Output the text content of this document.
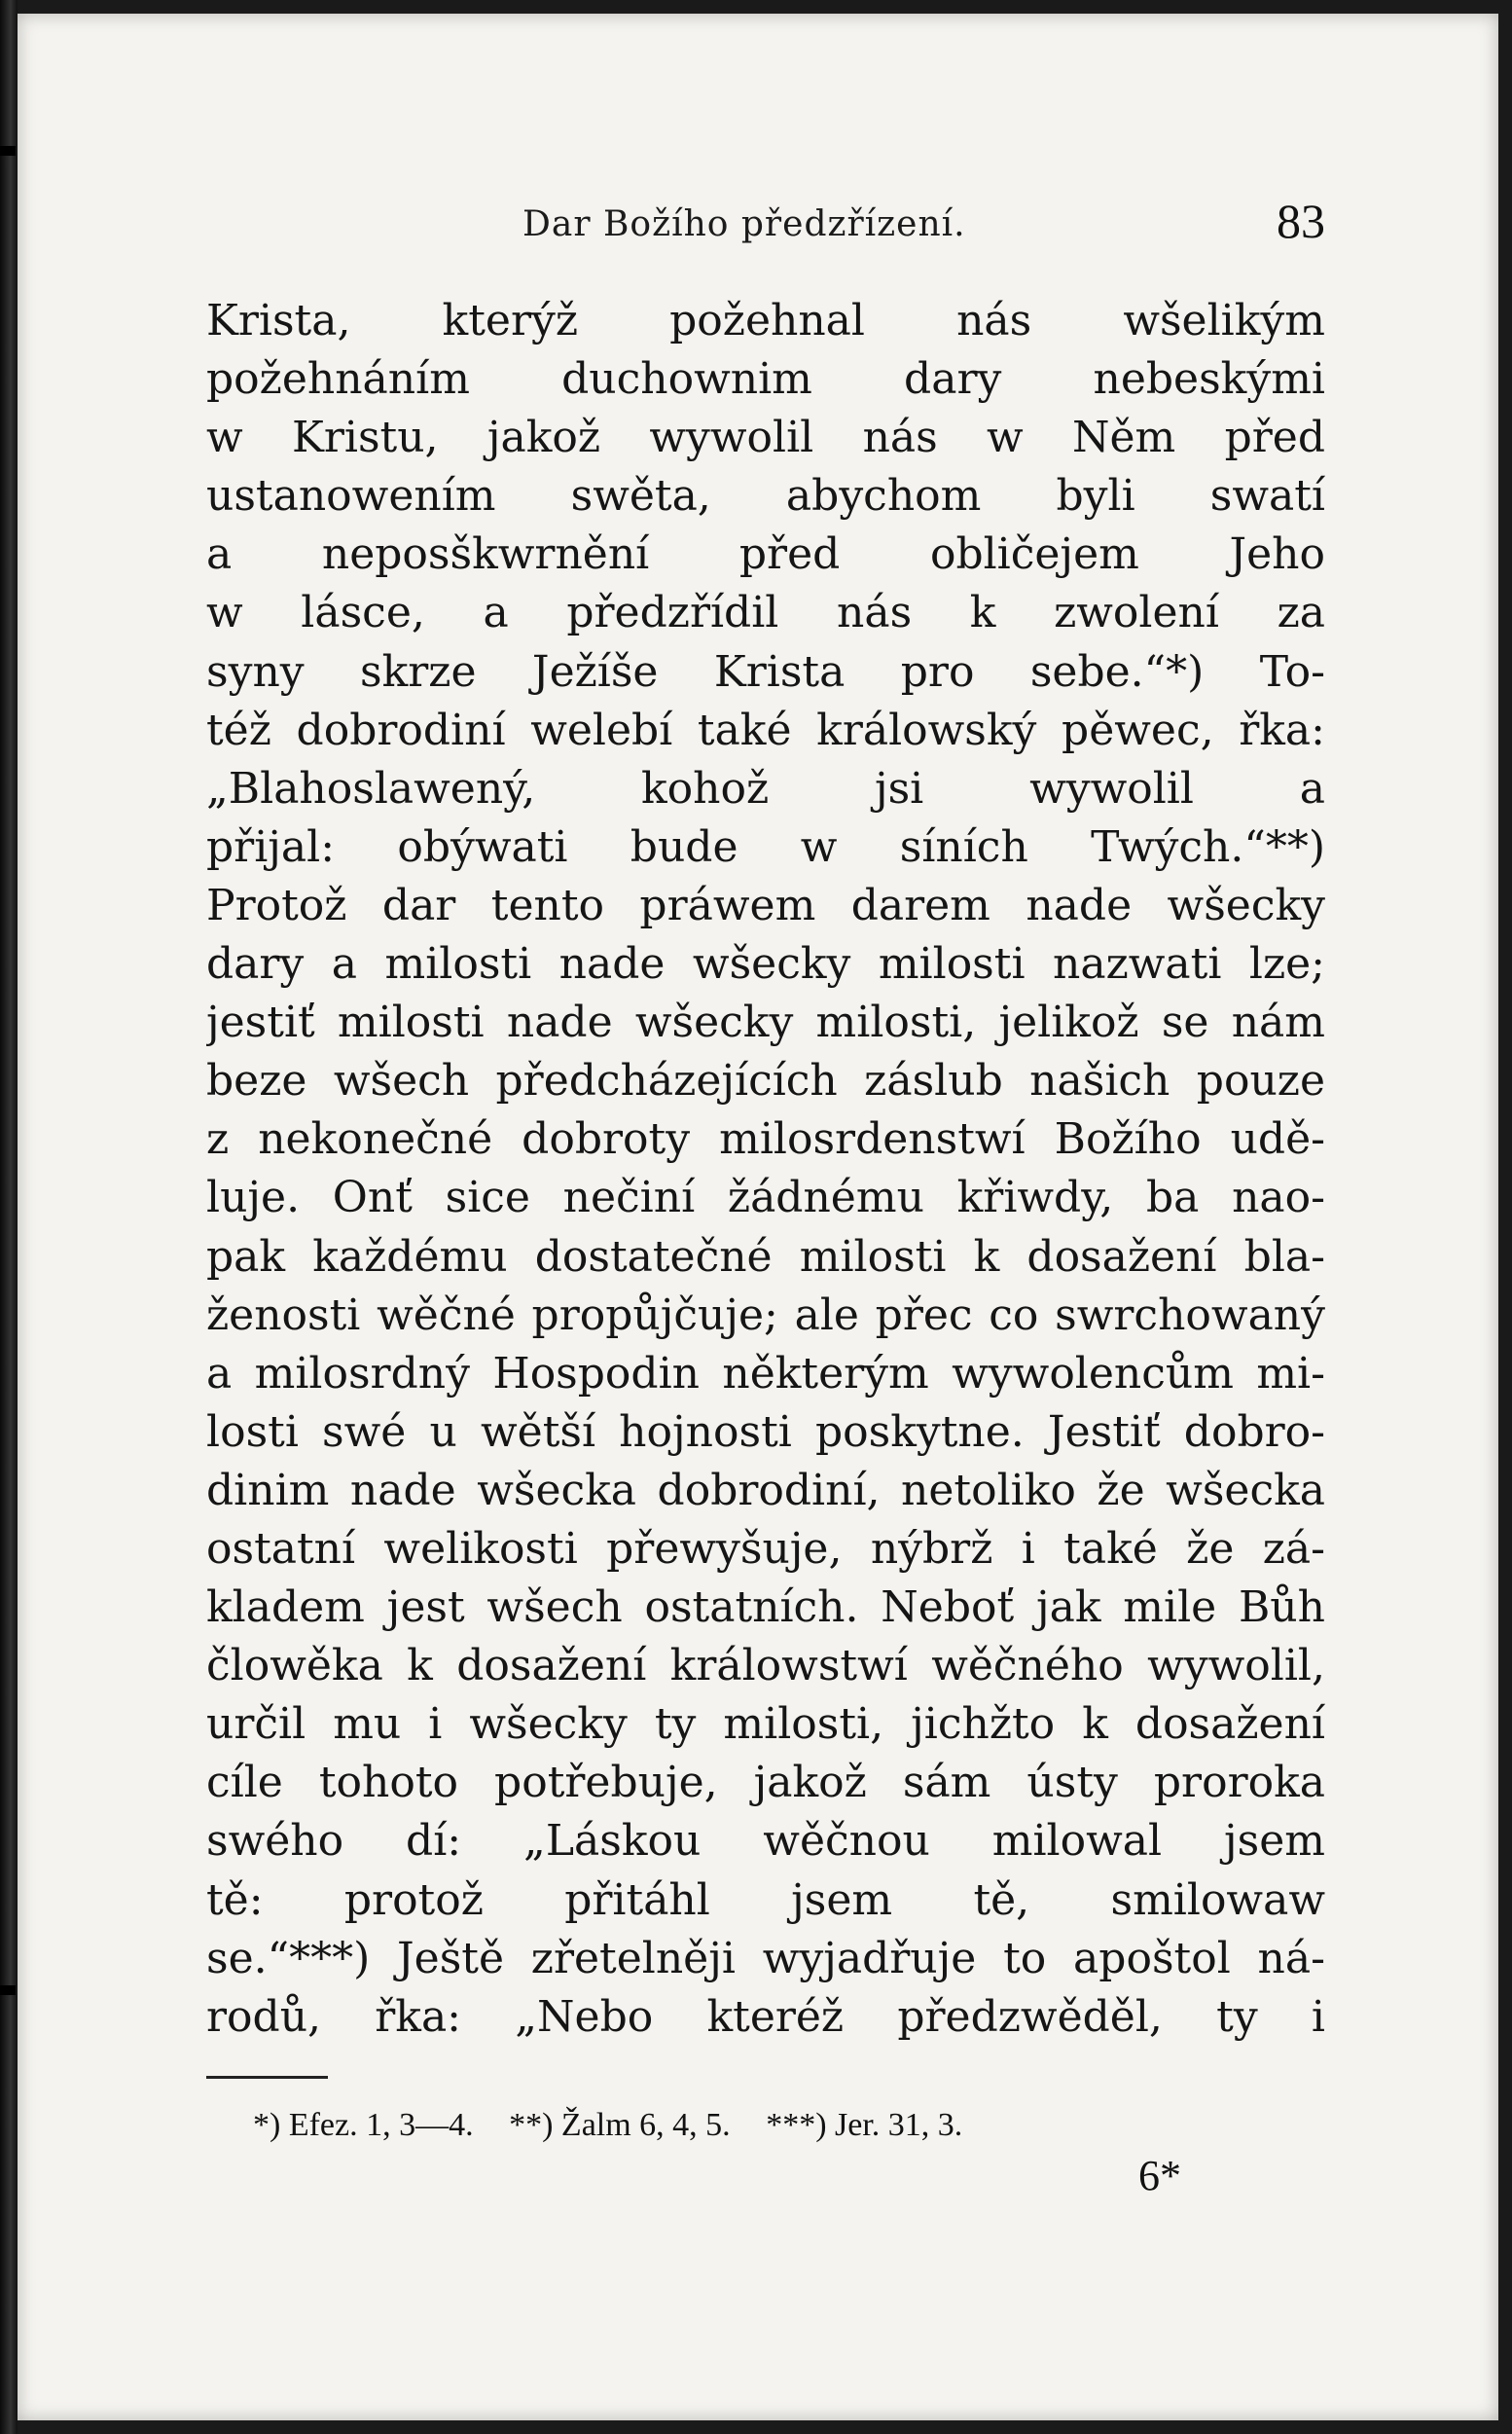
Dar Božího předzřízení.	83
Krista, kterýž požehnal nás wšelikým
požehnáním duchownim dary nebeskými
w Kristu, jakož wywolil nás w Něm před
ustanowením swěta, abychom byli swatí
a neposškwrnění před obličejem Jeho
w lásce, a předzřídil nás k zwolení za
syny skrze Ježíše Krista pro sebe.“*) To-
též dobrodiní welebí také králowský pěwec, řka:
„Blahoslawený, kohož jsi wywolil a
přijal: obýwati bude w síních Twých.“**)
Protož dar tento práwem darem nade wšecky
dary a milosti nade wšecky milosti nazwati lze;
jestiť milosti nade wšecky milosti, jelikož se nám
beze wšech předcházejících záslub našich pouze
z nekonečné dobroty milosrdenstwí Božího udě-
luje. Onť sice nečiní žádnému křiwdy, ba nao-
pak každému dostatečné milosti k dosažení bla-
ženosti wěčné propůjčuje; ale přec co swrchowaný
a milosrdný Hospodin některým wywolencům mi-
losti swé u wětší hojnosti poskytne. Jestiť dobro-
dinim nade wšecka dobrodiní, netoliko že wšecka
ostatní welikosti přewyšuje, nýbrž i také že zá-
kladem jest wšech ostatních. Neboť jak mile Bůh
člowěka k dosažení králowstwí wěčného wywolil,
určil mu i wšecky ty milosti, jichžto k dosažení
cíle tohoto potřebuje, jakož sám ústy proroka
swého dí: „Láskou wěčnou milowal jsem
tě: protož přitáhl jsem tě, smilowaw
se.“***) Ještě zřetelněji wyjadřuje to apoštol ná-
rodů, řka: „Nebo kteréž předzwěděl, ty i
*) Efez. 1, 3—4. **) Žalm 6, 4, 5. ***) Jer. 31, 3.
6*
